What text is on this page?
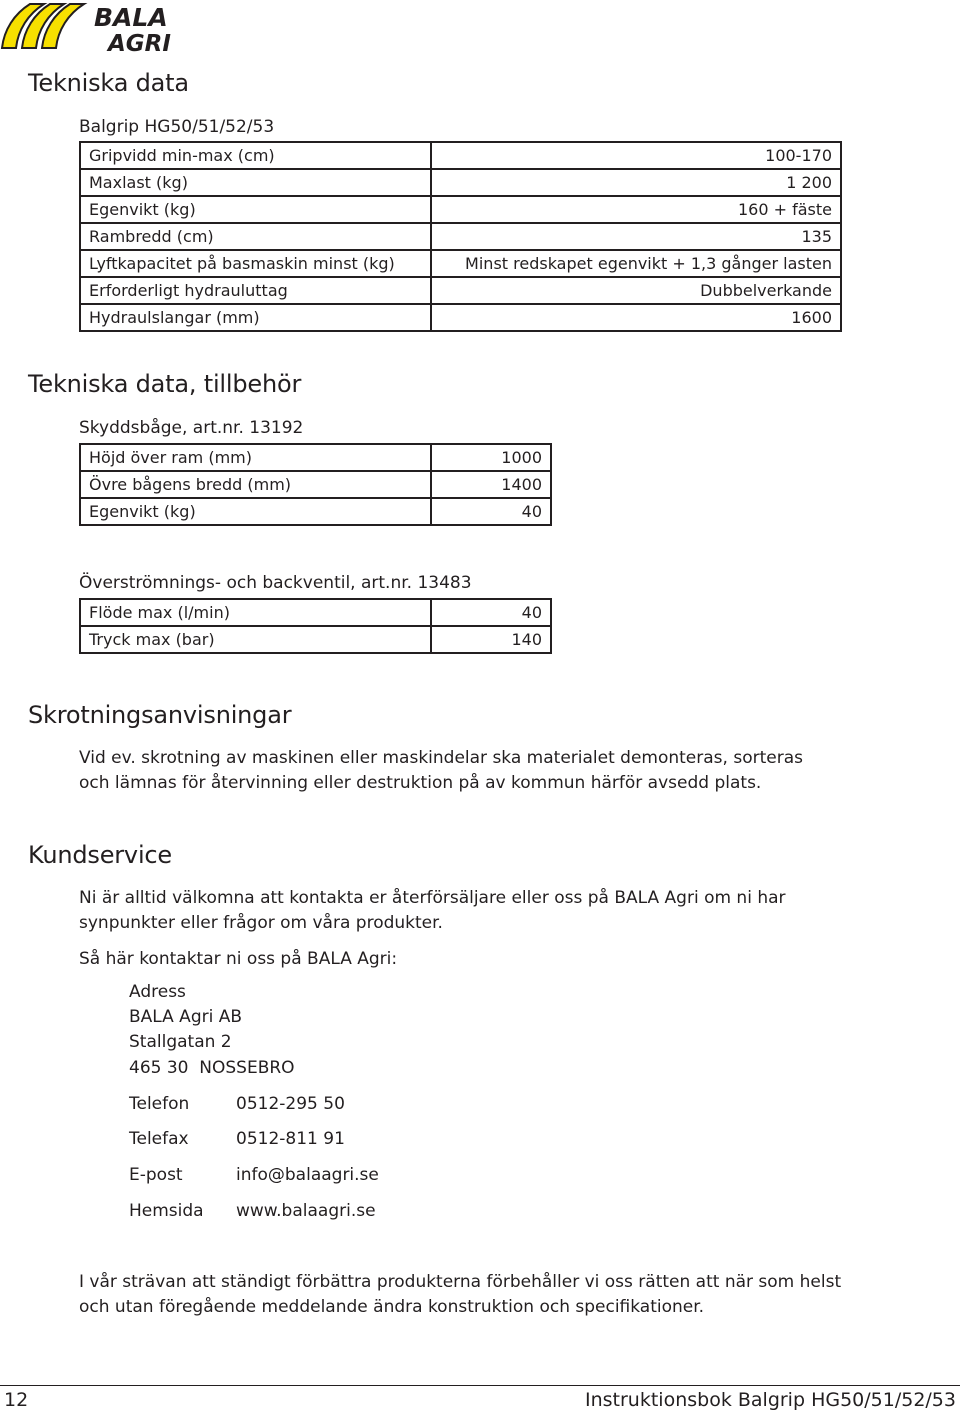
BALA
AGRI
Tekniska data
Balgrip HG50/51/52/53
Gripvidd min-max (cm)	100-170
Maxlast (kg)	1 200
Egenvikt (kg)	160 + fäste
Rambredd (cm)	135
Lyftkapacitet på basmaskin minst (kg)	Minst redskapet egenvikt + 1,3 gånger lasten
Erforderligt hydrauluttag	Dubbelverkande
Hydraulslangar (mm)	1600
Tekniska data, tillbehör
Skyddsbåge, art.nr. 13192
Höjd över ram (mm)	1000
Övre bågens bredd (mm)	1400
Egenvikt (kg)	40
Överströmnings- och backventil, art.nr. 13483
Flöde max (l/min)	40
Tryck max (bar)	140
Skrotningsanvisningar
Vid ev. skrotning av maskinen eller maskindelar ska materialet demonteras, sorteras
och lämnas för återvinning eller destruktion på av kommun härför avsedd plats.
Kundservice
Ni är alltid välkomna att kontakta er återförsäljare eller oss på BALA Agri om ni har
synpunkter eller frågor om våra produkter.
Så här kontaktar ni oss på BALA Agri:
Adress
BALA Agri AB
Stallgatan 2
465 30  NOSSEBRO
Telefon	0512-295 50
Telefax	0512-811 91
E-post	info@balaagri.se
Hemsida www.balaagri.se
I vår strävan att ständigt förbättra produkterna förbehåller vi oss rätten att när som helst
och utan föregående meddelande ändra konstruktion och specifikationer.
12	Instruktionsbok Balgrip HG50/51/52/53
